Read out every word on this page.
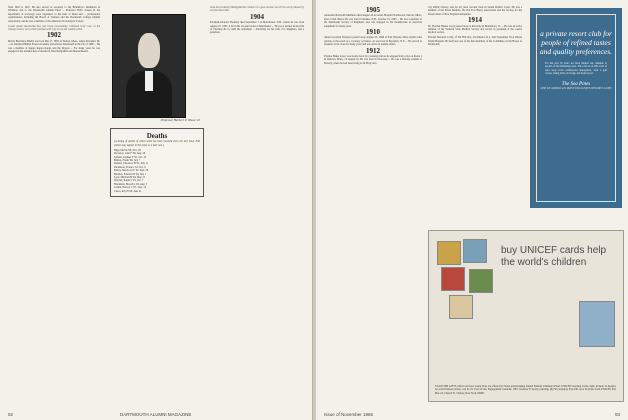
from 1943 to 1947. He also served as secretary to the Brattleboro Institution in Winthrop and to the Dartmouth Alumni Fund ... Professor Hill's classes in the department of sociology were appointed to the rank of Dean and ... professional organizations, including the Board of Trustees and the Dartmouth College Alumni Association, and he was a member of the American Sociological Society.

Lorem ipsum placeholder-free text block representing continued body copy of the obituary notice, set in small justified serif type across the column width.

1902

Morris Beardsley Pitkins was born Mar 27, 1883, in Nelson, Mass., where his father, Dr. ... he attended Phillips Exeter Academy and entered Dartmouth in the fall of 1898 ... He was a member of Kappa Kappa Kappa and the Dragon ... For many years he was engaged in the manufacture of textiles in New Hampshire and Massachusetts.

Professor Herbert V. Olson '22
Deaths

[A listing of deaths of which word has been received since the last issue. Full notices may appear in this issue or a later one.]

Hugo Morris '00, Nov. 26
Dorrance, John F '96, Aug. 26
Schenk, Gardner F '97, Oct. 22
Bishop, Frank '98, July 7
Daniels, Theodore H '01, July 11
Dickinson, Frank L '01, Oct. 8
Emery, Sherwood T '02, Sept. 26
Buckley, Edward M '03, July 1
Lyon, Mitchell H '04, May 21
Webster, Ralph S '05, Oct. 7
Blackman, Harold L '06, Aug. 3
Leland, Harvey C '07, Sept. 14
Chace, Ray H '08, June 21

tions that normally distinguish the conduct of a great teacher; he will be sorely missed by all who knew him.

1904

Ferdinand Robert Thornley died September 7 in Manchester, N.H., where he was born August 27, 1881. A bit in his account books at Manchester ... He was a partner in the firm of Thornley & Co. until his retirement ... Surviving are his wife, two daughters, and a grandson.

92	DARTMOUTH ALUMNI MAGAZINE
1905

Alexander Beckwith Matthews died August 20 in Green Hospital Northwood, Detroit, Mich., after a brief illness. He was born in Nashua, N.H., October 25, 1883 ... He was a member of the Dartmouth Society of Engineers and was engaged in the manufacture of electrical equipment for many years.

1910

Albert Goodwin Ferguson passed away August 23, 1966 at East Orleans, Mass. Death came quickly as the result of a coronary occlusion. Al was born in Brooklyn, N.Y. ... He served as treasurer of the class for many years and was active in alumni affairs.

1912

Thomas Baker Carey was struck down by a passing train as he stepped from a bus on Route 1 in Danvers, Mass., on August 19. He was born in Worcester ... He was a lifelong resident of Beverly, where he had been living at 29 Holly Ave.

city Public Library, and for 40 years warrant clerk in Salem District Court. He was a member of the Essex Institute, the Old Fort Henry Association and the Society for the Preservation of New England Antiquities.

1914

Dr. Fletcher Hunter Curry passed away at his home in Brattleboro, Vt. ... He was an active member of the Vermont State Medical Society and served as president of the county medical society.

Edward Newman Colby, of Tilt Hill Ave., Providence, R.I., died September 30 at Rhode Island Hospital. He had been one of the first members of the Committee on the House of Dartmouth.

a private resort club for people of refined tastes and quality preferences.
For the past 33 years we have limited our clientele to people of discriminating taste. The Club is on 300 acres of land away from commercial atmosphere, with a golf course, riding trails, ski lodge and heated pool.
The Sea Pines
ONE OF AMERICA'S MOST EXCLUSIVE RESORT CLUBS
buy UNICEF cards help the world's children
YULETIDE GIFTS which will save young lives are offered by Nobel-prizewinning United Nations Children's Fund. UNICEF Greeting Cards, right, include 12 designs by world-famous artists, cost $1.25 a box of ten. Engagement Calendar, 1967, features 53 lovely paintings ($2.50 postpaid). Free full color brochure from UNICEF, P.O. Box 22, Church St. Station, New York 10008.
Issue of November 1966	93
